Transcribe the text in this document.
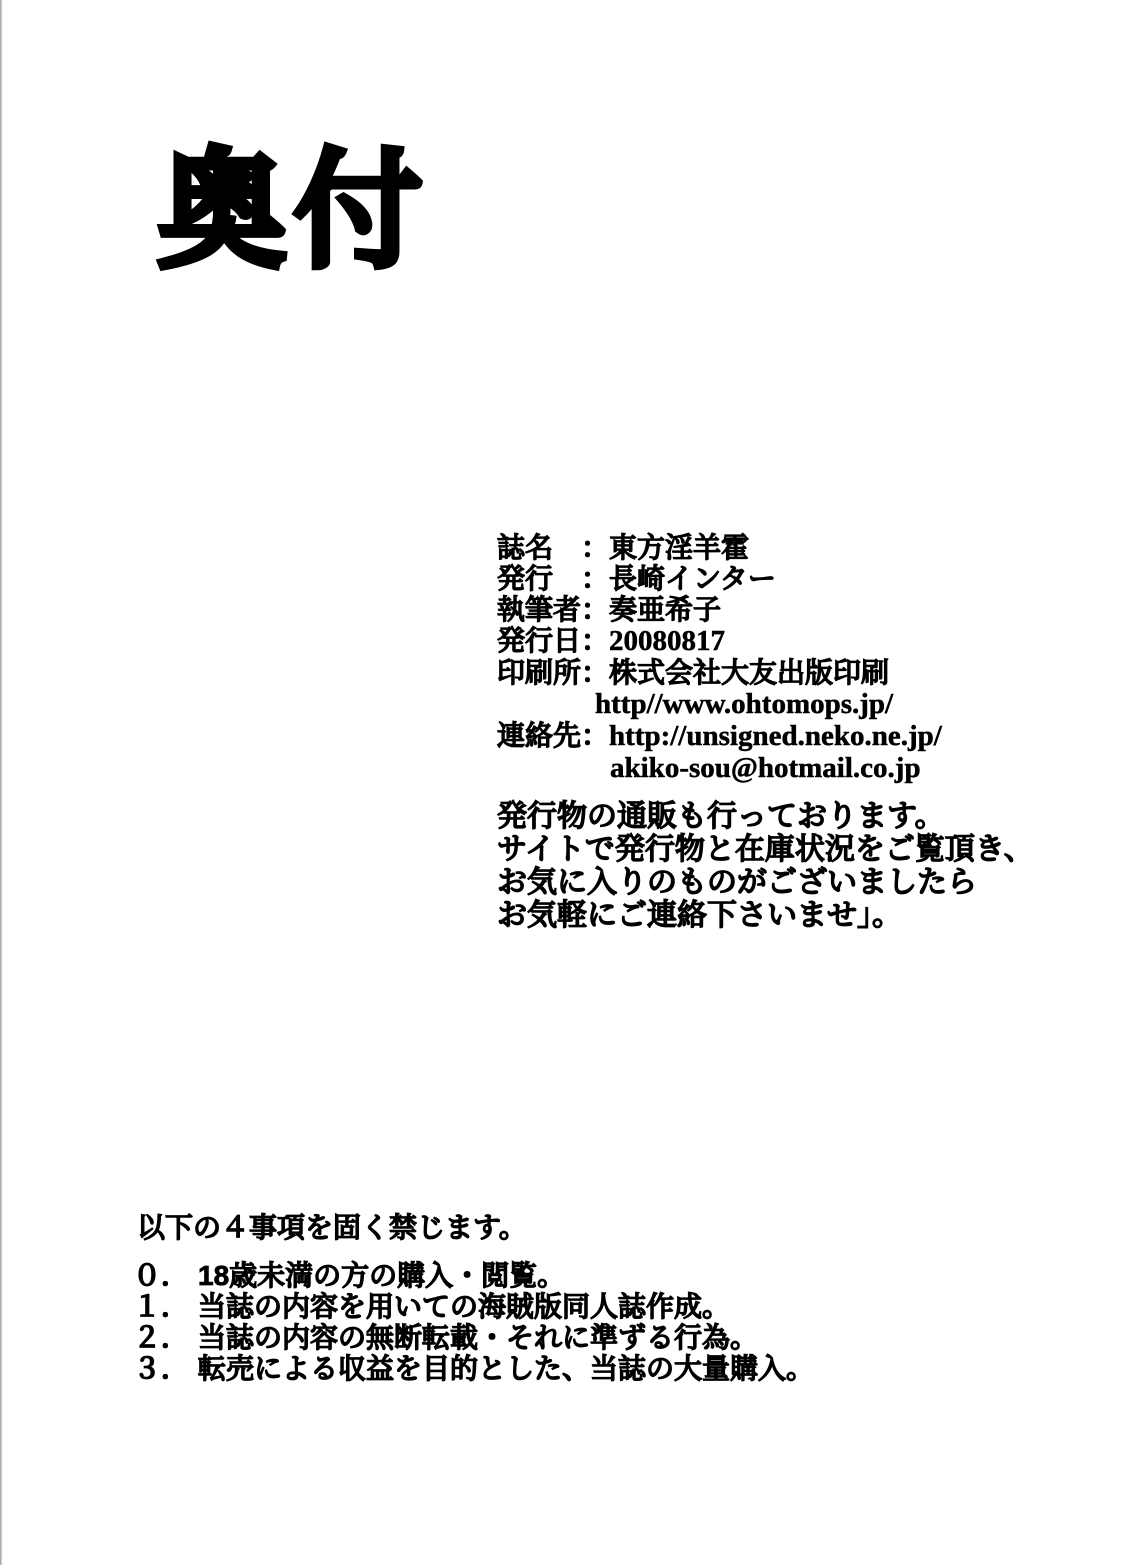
奥付
誌名　：東方淫羊霍
発行　：長崎インター
執筆者：奏亜希子
発行日：20080817
印刷所：株式会社大友出版印刷
http//www.ohtomops.jp/
連絡先：http://unsigned.neko.ne.jp/
akiko-sou@hotmail.co.jp
発行物の通販も行っております。
サイトで発行物と在庫状況をご覧頂き、
お気に入りのものがございましたら
お気軽にご連絡下さいませ」。
以下の４事項を固く禁じます。
０． 18歳未満の方の購入・閲覧。
１． 当誌の内容を用いての海賊版同人誌作成。
２． 当誌の内容の無断転載・それに準ずる行為。
３． 転売による収益を目的とした、当誌の大量購入。
